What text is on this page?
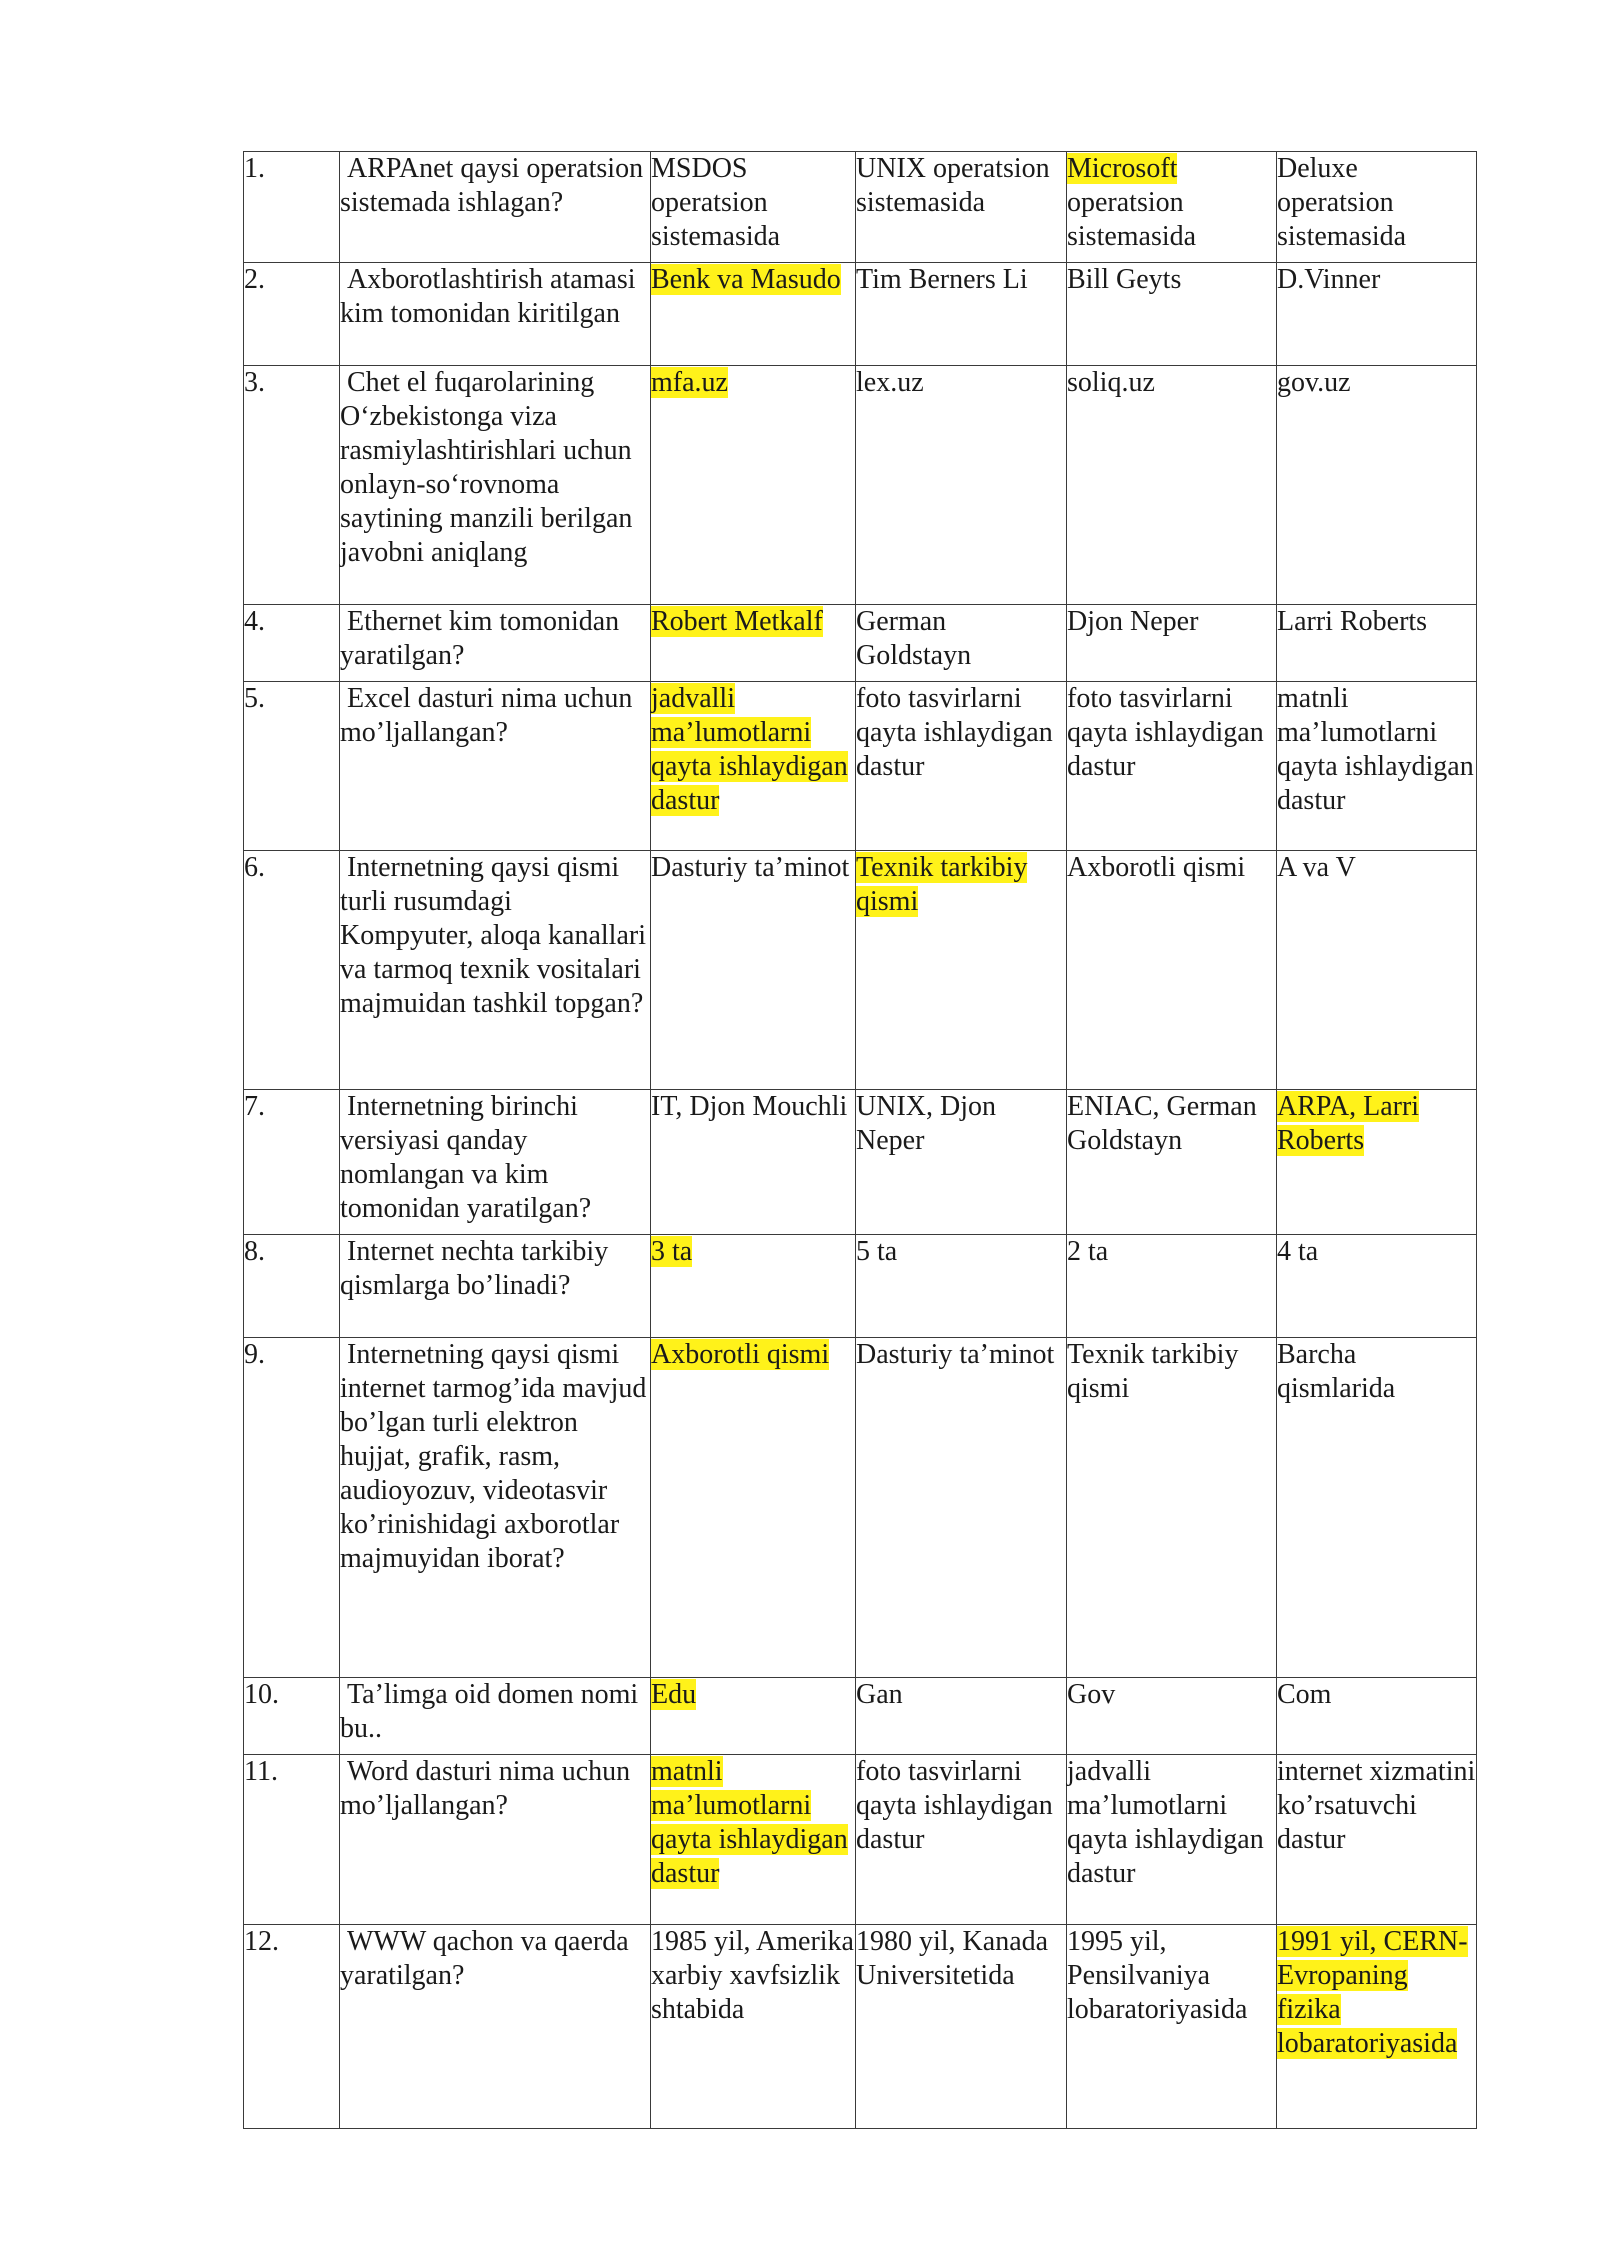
1.	ARPAnet qaysi operatsion sistemada ishlagan?	MSDOS operatsion sistemasida	UNIX operatsion sistemasida	Microsoft operatsion sistemasida	Deluxe operatsion sistemasida
2.	Axborotlashtirish atamasi kim tomonidan kiritilgan	Benk va Masudo	Tim Berners Li	Bill Geyts	D.Vinner
3.	Chet el fuqarolarining O‘zbekistonga viza rasmiylashtirishlari uchun onlayn-so‘rovnoma saytining manzili berilgan javobni aniqlang	mfa.uz	lex.uz	soliq.uz	gov.uz
4.	Ethernet kim tomonidan yaratilgan?	Robert Metkalf	German Goldstayn	Djon Neper	Larri Roberts
5.	Excel dasturi nima uchun mo’ljallangan?	jadvalli ma’lumotlarni qayta ishlaydigan dastur	foto tasvirlarni qayta ishlaydigan dastur	foto tasvirlarni qayta ishlaydigan dastur	matnli ma’lumotlarni qayta ishlaydigan dastur
6.	Internetning qaysi qismi turli rusumdagi Kompyuter, aloqa kanallari va tarmoq texnik vositalari majmuidan tashkil topgan?	Dasturiy ta’minot	Texnik tarkibiy qismi	Axborotli qismi	A va V
7.	Internetning birinchi versiyasi qanday nomlangan va kim tomonidan yaratilgan?	IT, Djon Mouchli	UNIX, Djon Neper	ENIAC, German Goldstayn	ARPA, Larri Roberts
8.	Internet nechta tarkibiy qismlarga bo’linadi?	3 ta	5 ta	2 ta	4 ta
9.	Internetning qaysi qismi internet tarmog’ida mavjud bo’lgan turli elektron hujjat, grafik, rasm, audioyozuv, videotasvir ko’rinishidagi axborotlar majmuyidan iborat?	Axborotli qismi	Dasturiy ta’minot	Texnik tarkibiy qismi	Barcha qismlarida
10.	Ta’limga oid domen nomi bu..	Edu	Gan	Gov	Com
11.	Word dasturi nima uchun mo’ljallangan?	matnli ma’lumotlarni qayta ishlaydigan dastur	foto tasvirlarni qayta ishlaydigan dastur	jadvalli ma’lumotlarni qayta ishlaydigan dastur	internet xizmatini ko’rsatuvchi dastur
12.	WWW qachon va qaerda yaratilgan?	1985 yil, Amerika xarbiy xavfsizlik shtabida	1980 yil, Kanada Universitetida	1995 yil, Pensilvaniya lobaratoriyasida	1991 yil, CERN-Evropaning fizika lobaratoriyasida
